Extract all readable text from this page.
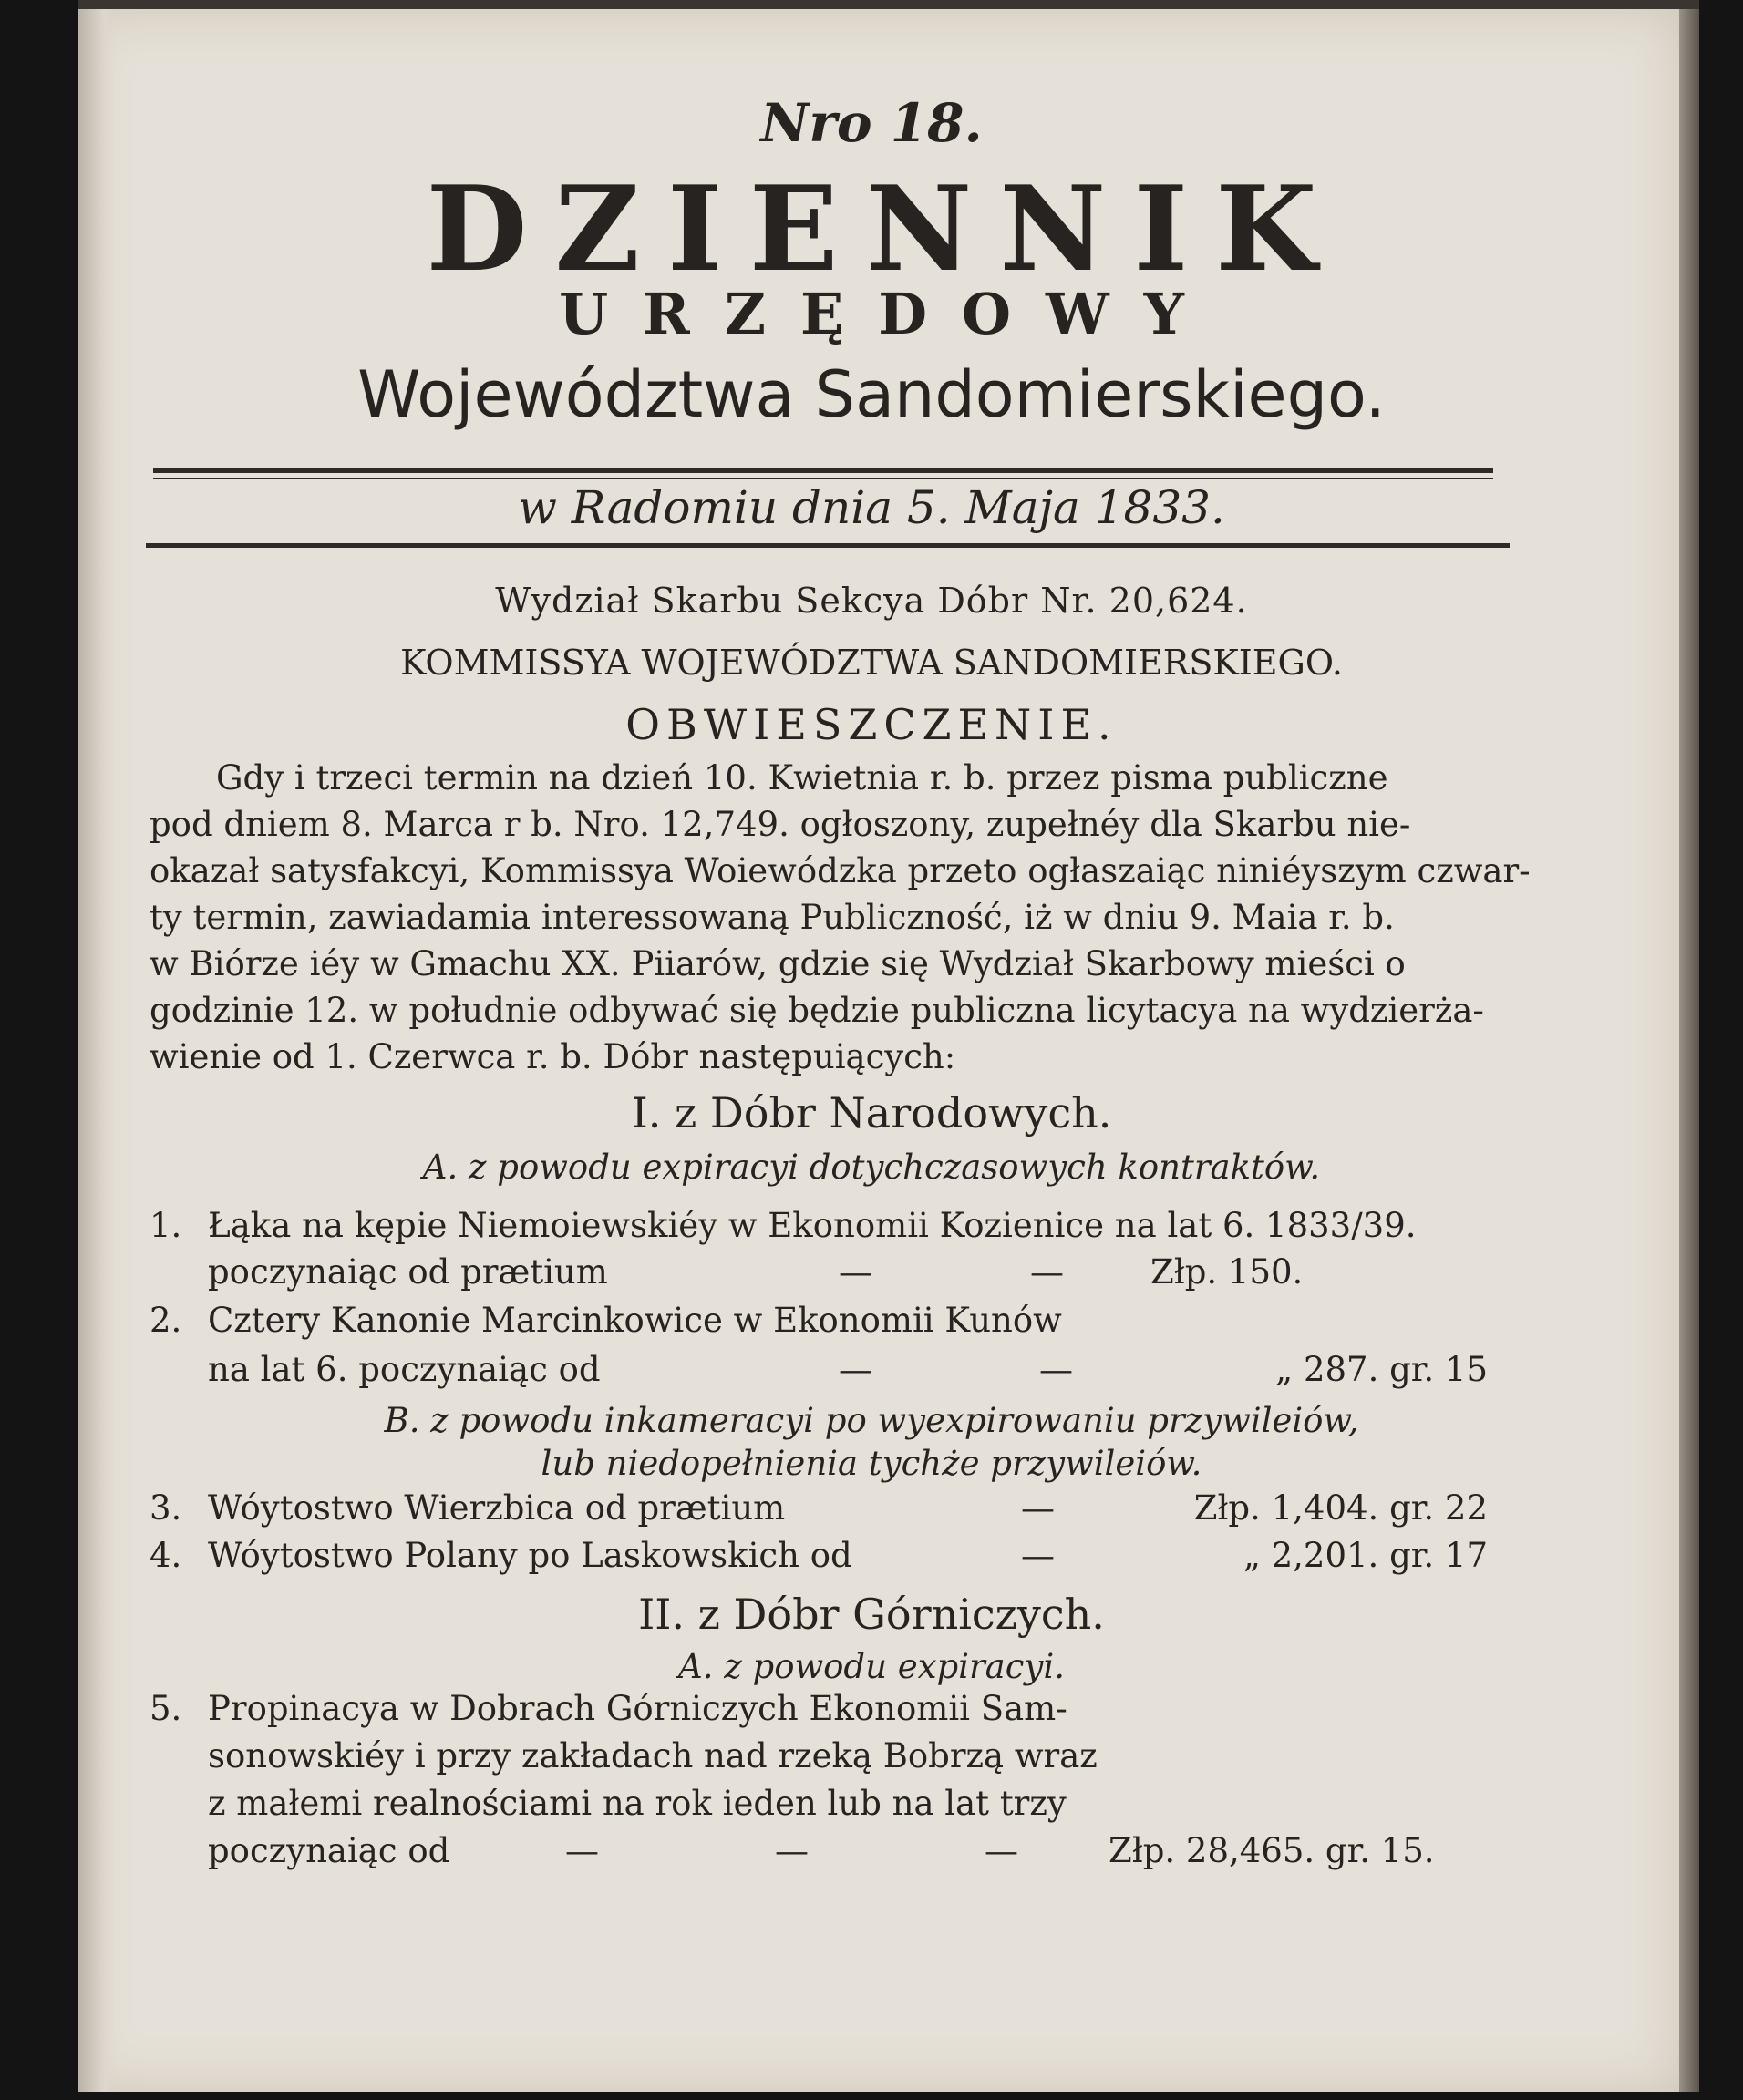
Nro 18.
DZIENNIK
URZĘDOWY
Województwa Sandomierskiego.
w Radomiu dnia 5. Maja 1833.
Wydział Skarbu Sekcya Dóbr Nr. 20,624.
KOMMISSYA WOJEWÓDZTWA SANDOMIERSKIEGO.
OBWIESZCZENIE.
Gdy i trzeci termin na dzień 10. Kwietnia r. b. przez pisma publiczne
pod dniem 8. Marca r b. Nro. 12,749. ogłoszony, zupełnéy dla Skarbu nie-
okazał satysfakcyi, Kommissya Woiewódzka przeto ogłaszaiąc niniéyszym czwar-
ty termin, zawiadamia interessowaną Publiczność, iż w dniu 9. Maia r. b.
w Biórze iéy w Gmachu XX. Piiarów, gdzie się Wydział Skarbowy mieści o
godzinie 12. w południe odbywać się będzie publiczna licytacya na wydzierża-
wienie od 1. Czerwca r. b. Dóbr następuiących:
I. z Dóbr Narodowych.
A. z powodu expiracyi dotychczasowych kontraktów.
1. Łąka na kępie Niemoiewskiéy w Ekonomii Kozienice na lat 6. 1833/39.
poczynaiąc od prætium	—	—	Złp. 150.
2. Cztery Kanonie Marcinkowice w Ekonomii Kunów
na lat 6. poczynaiąc od	—	—	„ 287. gr. 15
B. z powodu inkameracyi po wyexpirowaniu przywileiów,
lub niedopełnienia tychże przywileiów.
3. Wóytostwo Wierzbica od prætium	—	Złp. 1,404. gr. 22
4. Wóytostwo Polany po Laskowskich od	—	„ 2,201. gr. 17
II. z Dóbr Górniczych.
A. z powodu expiracyi.
5. Propinacya w Dobrach Górniczych Ekonomii Sam-
sonowskiéy i przy zakładach nad rzeką Bobrzą wraz
z małemi realnościami na rok ieden lub na lat trzy
poczynaiąc od	—	—	—	Złp. 28,465. gr. 15.
